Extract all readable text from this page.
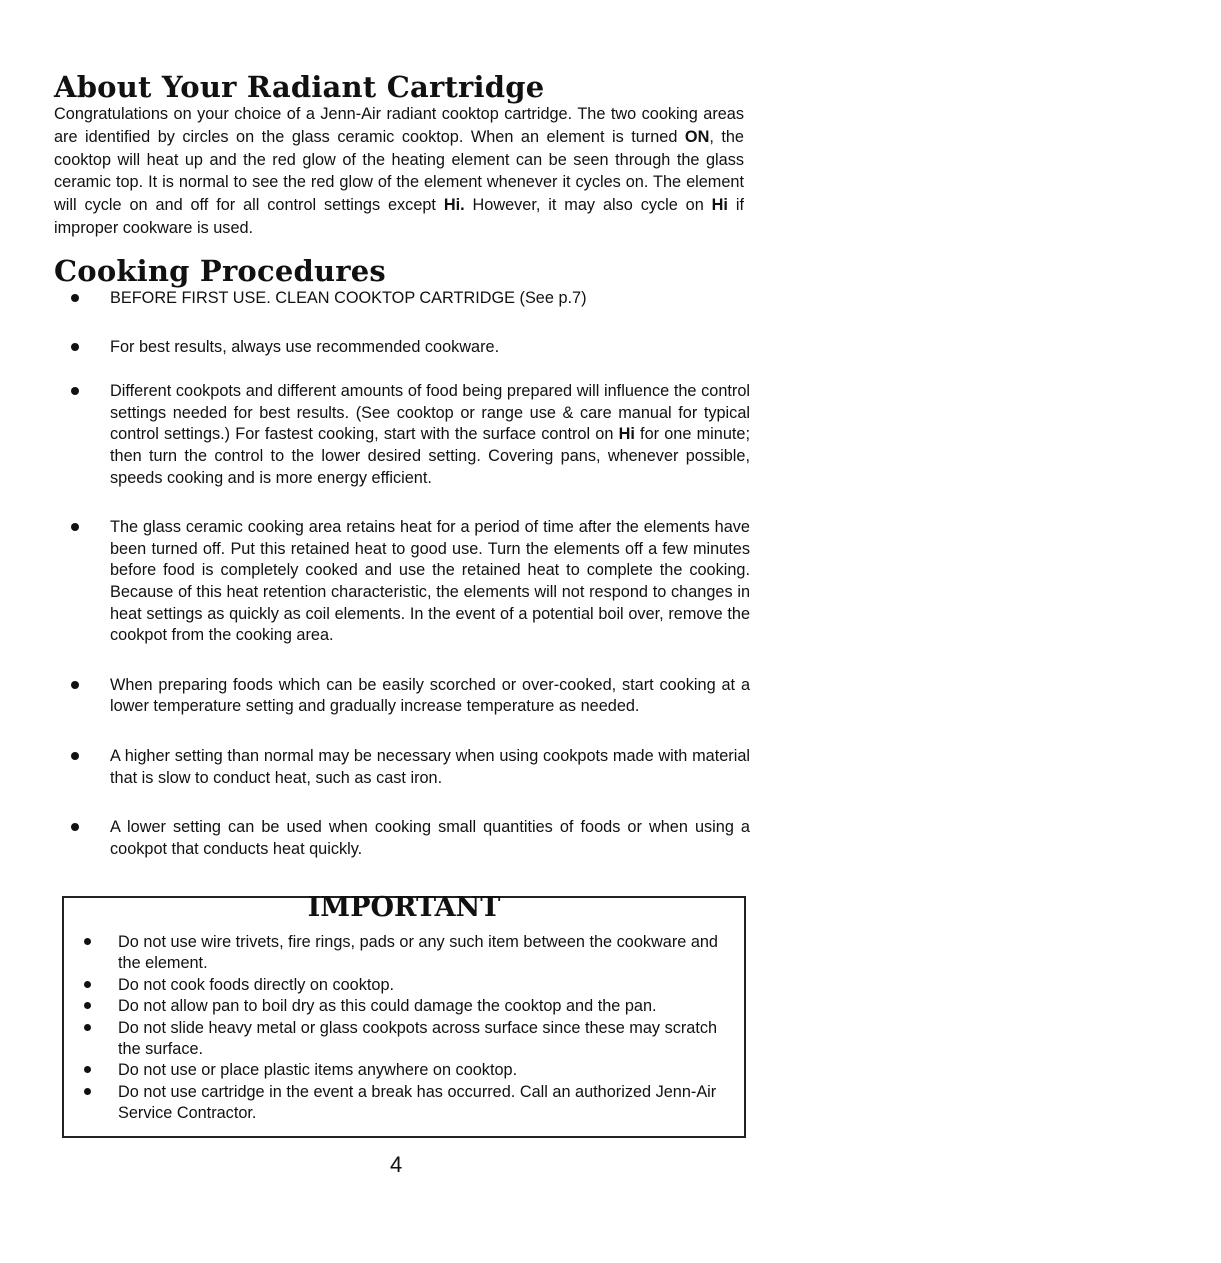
About Your Radiant Cartridge
Congratulations on your choice of a Jenn-Air radiant cooktop cartridge. The two cooking areas are identified by circles on the glass ceramic cooktop. When an element is turned ON, the cooktop will heat up and the red glow of the heating element can be seen through the glass ceramic top. It is normal to see the red glow of the element whenever it cycles on. The element will cycle on and off for all control settings except Hi. However, it may also cycle on Hi if improper cookware is used.
Cooking Procedures
BEFORE FIRST USE. CLEAN COOKTOP CARTRIDGE (See p.7)
For best results, always use recommended cookware.
Different cookpots and different amounts of food being prepared will influence the control settings needed for best results. (See cooktop or range use & care manual for typical control settings.) For fastest cooking, start with the surface control on Hi for one minute; then turn the control to the lower desired setting. Covering pans, whenever possible, speeds cooking and is more energy efficient.
The glass ceramic cooking area retains heat for a period of time after the elements have been turned off. Put this retained heat to good use. Turn the elements off a few minutes before food is completely cooked and use the retained heat to complete the cooking. Because of this heat retention characteristic, the elements will not respond to changes in heat settings as quickly as coil elements. In the event of a potential boil over, remove the cookpot from the cooking area.
When preparing foods which can be easily scorched or over-cooked, start cooking at a lower temperature setting and gradually increase temperature as needed.
A higher setting than normal may be necessary when using cookpots made with material that is slow to conduct heat, such as cast iron.
A lower setting can be used when cooking small quantities of foods or when using a cookpot that conducts heat quickly.
IMPORTANT
Do not use wire trivets, fire rings, pads or any such item between the cookware and the element.
Do not cook foods directly on cooktop.
Do not allow pan to boil dry as this could damage the cooktop and the pan.
Do not slide heavy metal or glass cookpots across surface since these may scratch the surface.
Do not use or place plastic items anywhere on cooktop.
Do not use cartridge in the event a break has occurred. Call an authorized Jenn-Air Service Contractor.
4
